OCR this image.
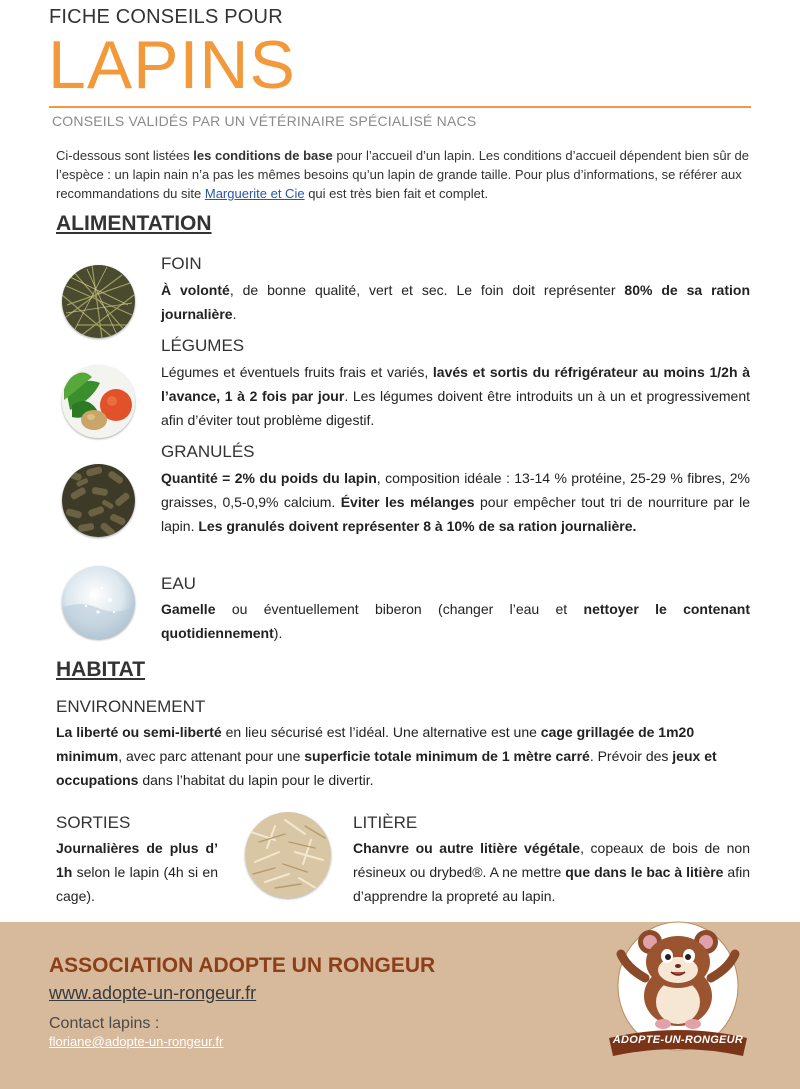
FICHE CONSEILS POUR
LAPINS
CONSEILS VALIDÉS PAR UN VÉTÉRINAIRE SPÉCIALISÉ NACS

Ci-dessous sont listées les conditions de base pour l’accueil d’un lapin. Les conditions d’accueil dépendent bien sûr de l’espèce : un lapin nain n’a pas les mêmes besoins qu’un lapin de grande taille. Pour plus d’informations, se référer aux recommandations du site Marguerite et Cie qui est très bien fait et complet.

ALIMENTATION
FOIN

À volonté, de bonne qualité, vert et sec. Le foin doit représenter 80% de sa ration journalière.

LÉGUMES

Légumes et éventuels fruits frais et variés, lavés et sortis du réfrigérateur au moins 1/2h à l’avance, 1 à 2 fois par jour. Les légumes doivent être introduits un à un et progressivement afin d’éviter tout problème digestif.

GRANULÉS

Quantité = 2% du poids du lapin, composition idéale : 13-14 % protéine, 25-29 % fibres, 2% graisses, 0,5-0,9% calcium. Éviter les mélanges pour empêcher tout tri de nourriture par le lapin. Les granulés doivent représenter 8 à 10% de sa ration journalière.

EAU

Gamelle ou éventuellement biberon (changer l’eau et nettoyer le contenant quotidiennement).

HABITAT
ENVIRONNEMENT

La liberté ou semi-liberté en lieu sécurisé est l’idéal. Une alternative est une cage grillagée de 1m20 minimum, avec parc attenant pour une superficie totale minimum de 1 mètre carré. Prévoir des jeux et occupations dans l’habitat du lapin pour le divertir.

SORTIES

Journalières de plus d’ 1h selon le lapin (4h si en cage).

LITIÈRE

Chanvre ou autre litière végétale, copeaux de bois de non résineux ou drybed®. A ne mettre que dans le bac à litière afin d’apprendre la propreté au lapin.

ASSOCIATION ADOPTE UN RONGEUR
www.adopte-un-rongeur.fr
Contact lapins :
floriane@adopte-un-rongeur.fr	ADOPTE-UN-RONGEUR
